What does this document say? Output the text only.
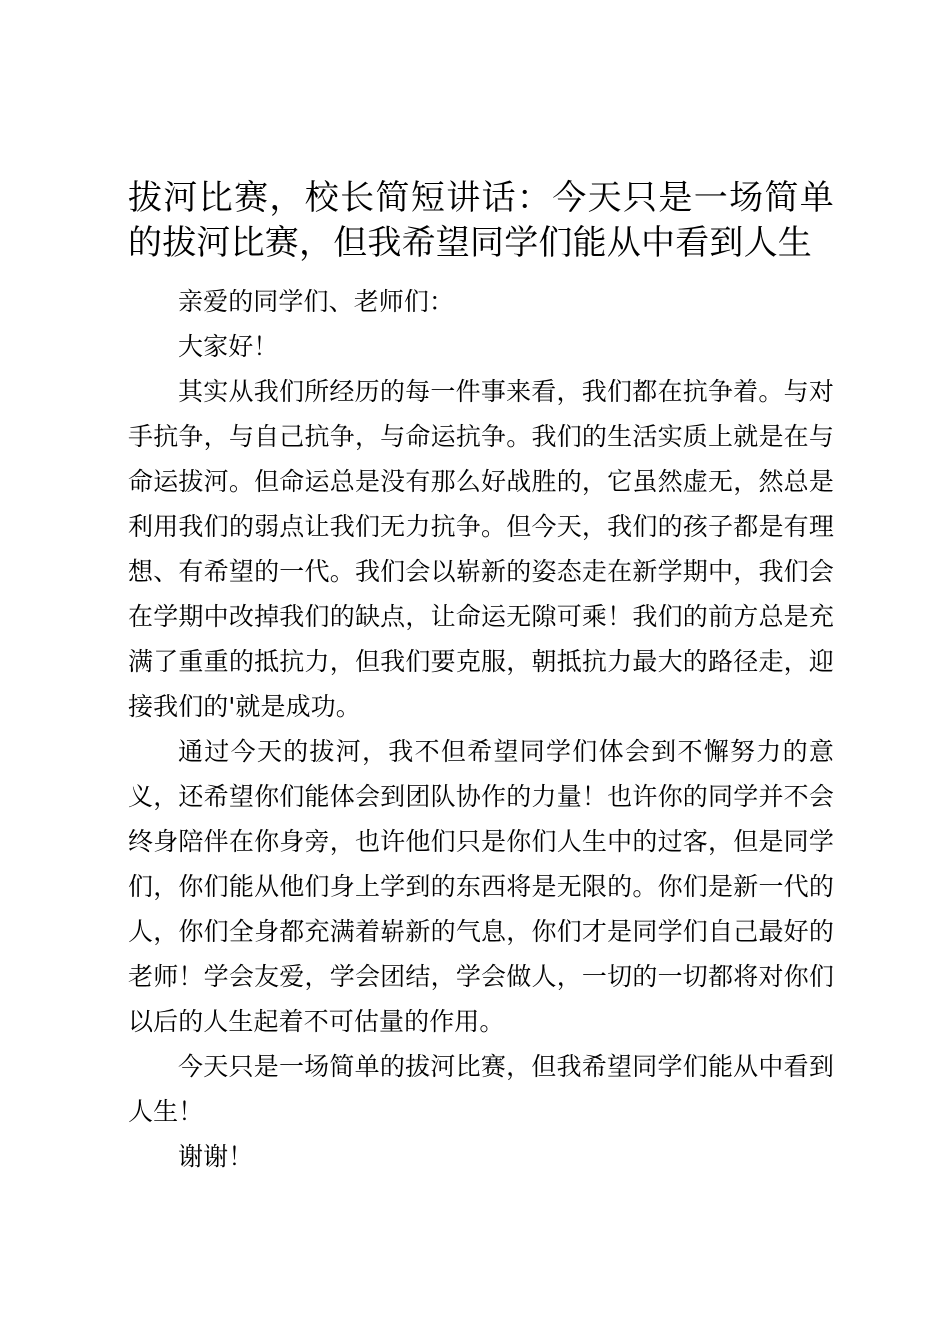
拔河比赛，校长简短讲话：今天只是一场简单的拔河比赛，但我希望同学们能从中看到人生

亲爱的同学们、老师们：

大家好！

其实从我们所经历的每一件事来看，我们都在抗争着。与对手抗争，与自己抗争，与命运抗争。我们的生活实质上就是在与命运拔河。但命运总是没有那么好战胜的，它虽然虚无，然总是利用我们的弱点让我们无力抗争。但今天，我们的孩子都是有理想、有希望的一代。我们会以崭新的姿态走在新学期中，我们会在学期中改掉我们的缺点，让命运无隙可乘！我们的前方总是充满了重重的抵抗力，但我们要克服，朝抵抗力最大的路径走，迎接我们的'就是成功。

通过今天的拔河，我不但希望同学们体会到不懈努力的意义，还希望你们能体会到团队协作的力量！也许你的同学并不会终身陪伴在你身旁，也许他们只是你们人生中的过客，但是同学们，你们能从他们身上学到的东西将是无限的。你们是新一代的人，你们全身都充满着崭新的气息，你们才是同学们自己最好的老师！学会友爱，学会团结，学会做人，一切的一切都将对你们以后的人生起着不可估量的作用。

今天只是一场简单的拔河比赛，但我希望同学们能从中看到人生！

谢谢！
